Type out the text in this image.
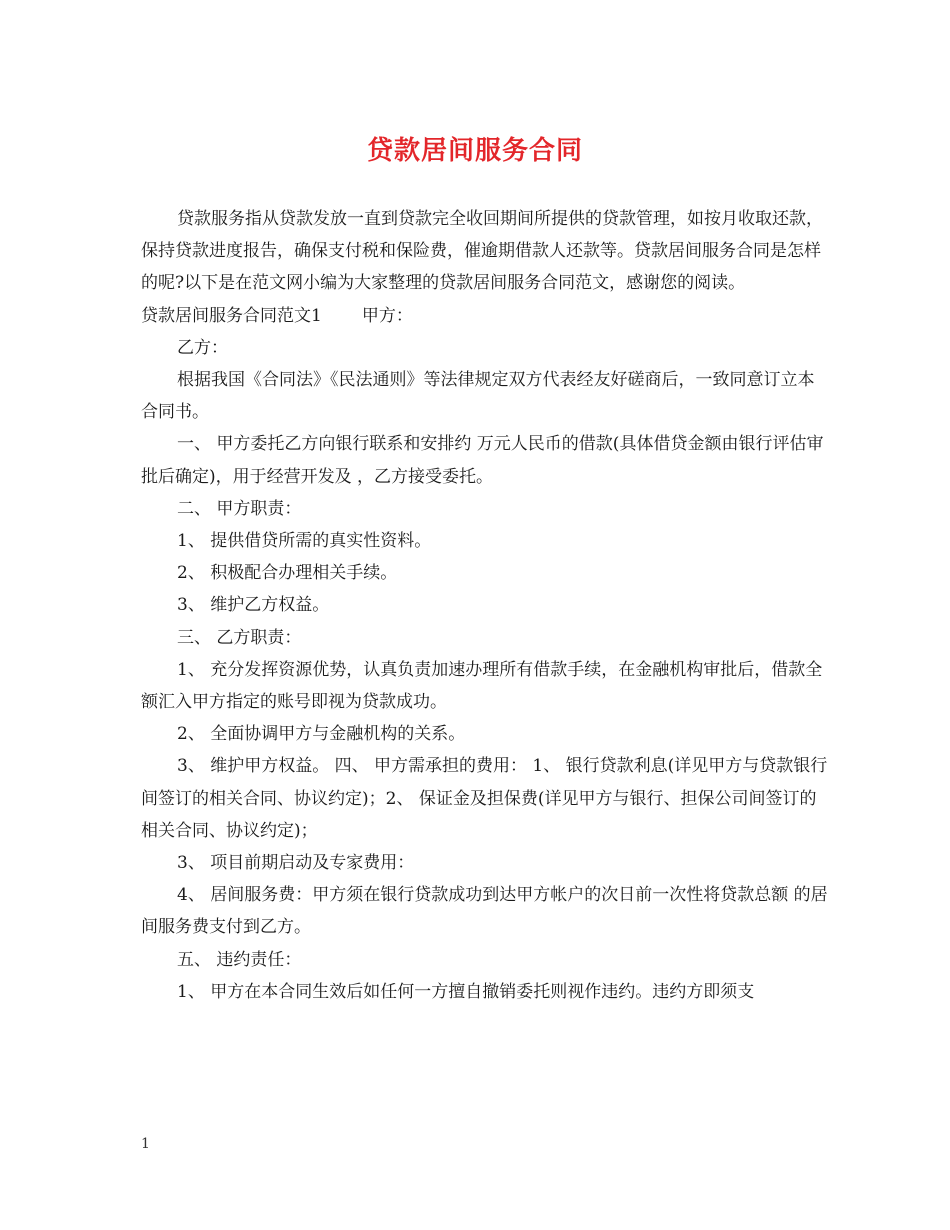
贷款居间服务合同

贷款服务指从贷款发放一直到贷款完全收回期间所提供的贷款管理，如按月收取还款，保持贷款进度报告，确保支付税和保险费，催逾期借款人还款等。贷款居间服务合同是怎样的呢?以下是在范文网小编为大家整理的贷款居间服务合同范文，感谢您的阅读。

贷款居间服务合同范文1 甲方：

乙方：

根据我国《合同法》《民法通则》等法律规定双方代表经友好磋商后，一致同意订立本合同书。

一、 甲方委托乙方向银行联系和安排约 万元人民币的借款(具体借贷金额由银行评估审批后确定)，用于经营开发及 ，乙方接受委托。

二、 甲方职责：

1、 提供借贷所需的真实性资料。

2、 积极配合办理相关手续。

3、 维护乙方权益。

三、 乙方职责：

1、 充分发挥资源优势，认真负责加速办理所有借款手续，在金融机构审批后，借款全额汇入甲方指定的账号即视为贷款成功。

2、 全面协调甲方与金融机构的关系。

3、 维护甲方权益。 四、 甲方需承担的费用： 1、 银行贷款利息(详见甲方与贷款银行间签订的相关合同、协议约定)；2、 保证金及担保费(详见甲方与银行、担保公司间签订的相关合同、协议约定)；

3、 项目前期启动及专家费用：

4、 居间服务费：甲方须在银行贷款成功到达甲方帐户的次日前一次性将贷款总额 的居间服务费支付到乙方。

五、 违约责任：

1、 甲方在本合同生效后如任何一方擅自撤销委托则视作违约。违约方即须支

1
